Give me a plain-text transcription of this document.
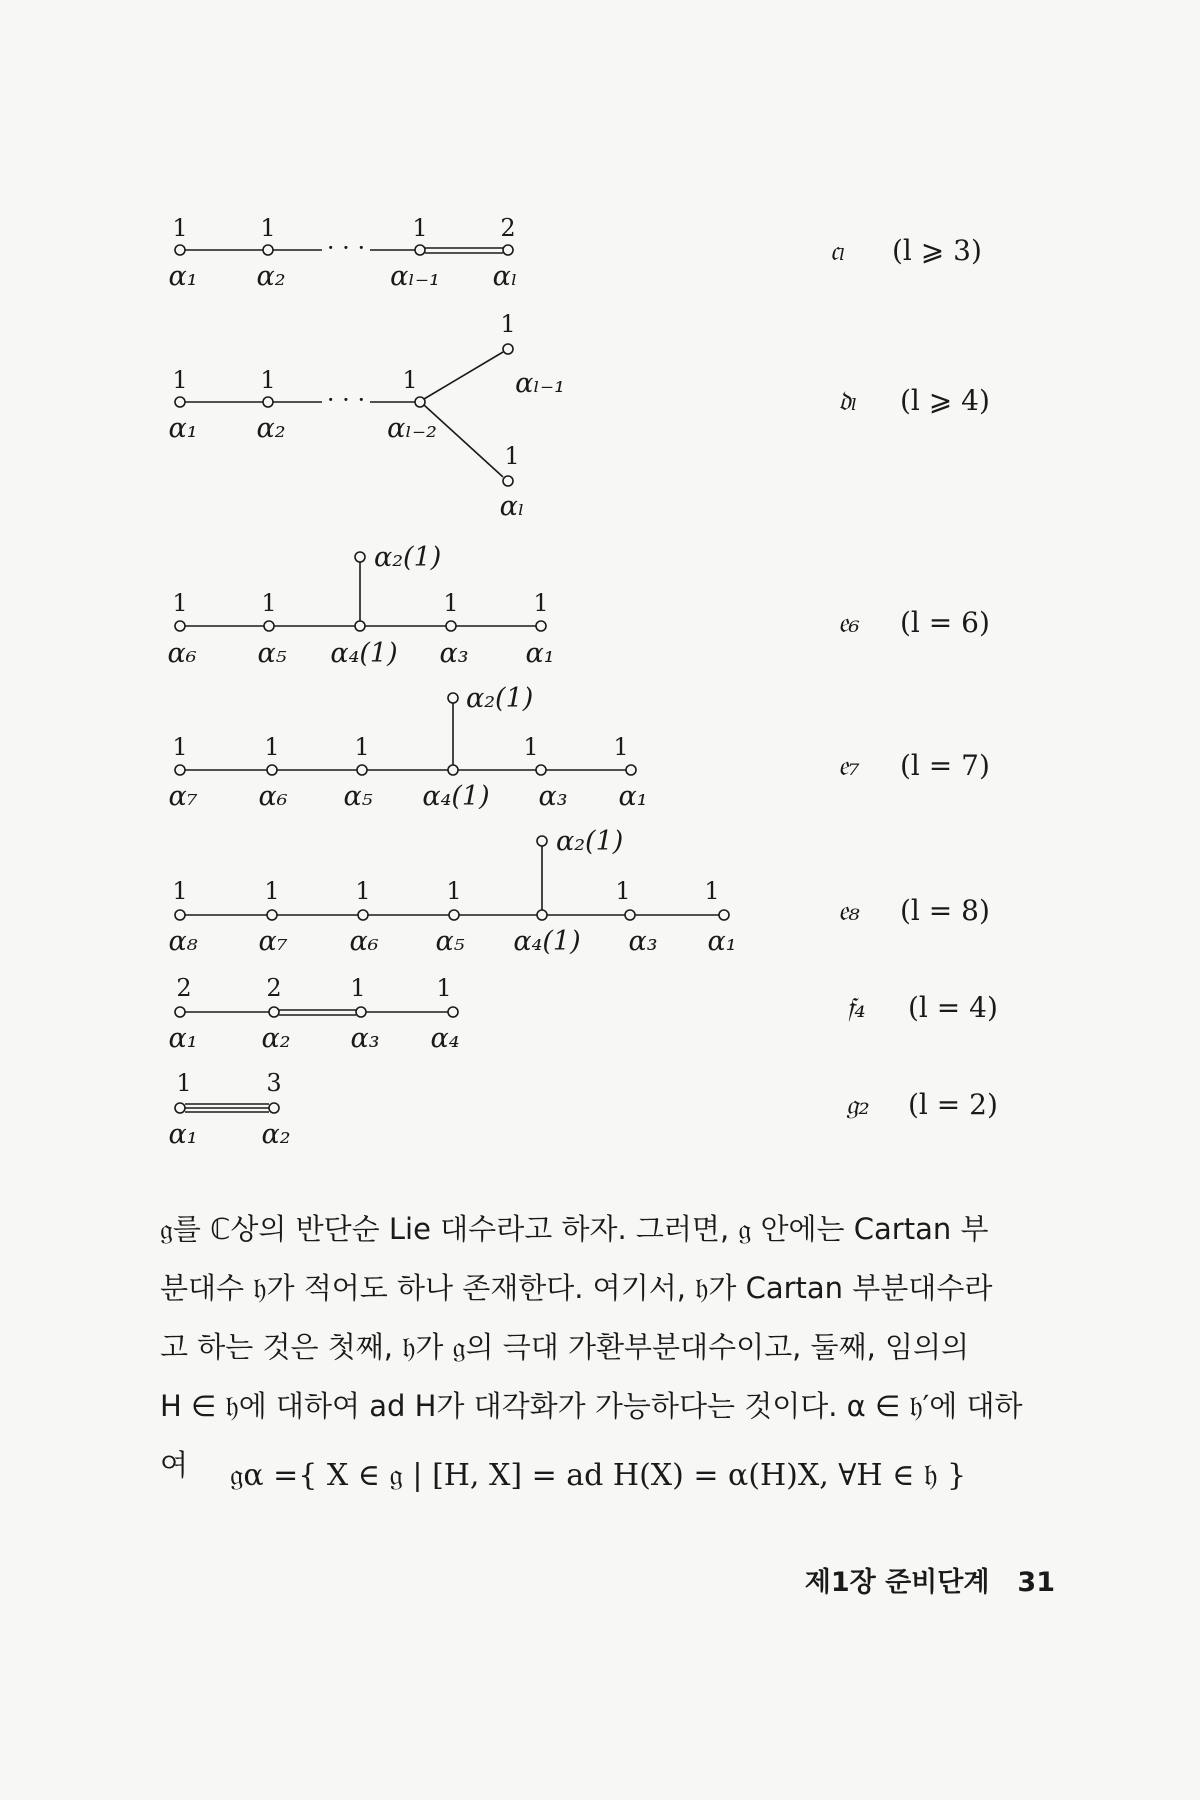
1	1	1	2
· · ·
α₁ α₂	αₗ₋₁ αₗ
𝔠ₗ (l ⩾ 3)
1	1	1
1
1
· · ·
α₁ α₂	αₗ₋₂
αₗ₋₁
αₗ
𝔡ₗ (l ⩾ 4)
1	1	1	1
α₂(1)
α₆ α₅ α₄(1) α₃ α₁
𝔢₆ (l = 6)
1	1	1	1	1
α₂(1)
α₇ α₆ α₅ α₄(1) α₃ α₁
𝔢₇ (l = 7)
1	1	1	1	1	1
α₂(1)
α₈ α₇ α₆ α₅ α₄(1) α₃ α₁
𝔢₈ (l = 8)
2	2	1	1
α₁ α₂ α₃ α₄
𝔣₄ (l = 4)
1	3
α₁ α₂
𝔤₂ (l = 2)
𝔤를 ℂ상의 반단순 Lie 대수라고 하자. 그러면, 𝔤 안에는 Cartan 부
분대수 𝔥가 적어도 하나 존재한다. 여기서, 𝔥가 Cartan 부분대수라
고 하는 것은 첫째, 𝔥가 𝔤의 극대 가환부분대수이고, 둘째, 임의의
H ∈ 𝔥에 대하여 ad H가 대각화가 가능하다는 것이다. α ∈ 𝔥′에 대하
여	𝔤α ={ X ∈ 𝔤 | [H, X] = ad H(X) = α(H)X, ∀H ∈ 𝔥 }
제1장 준비단계 31
